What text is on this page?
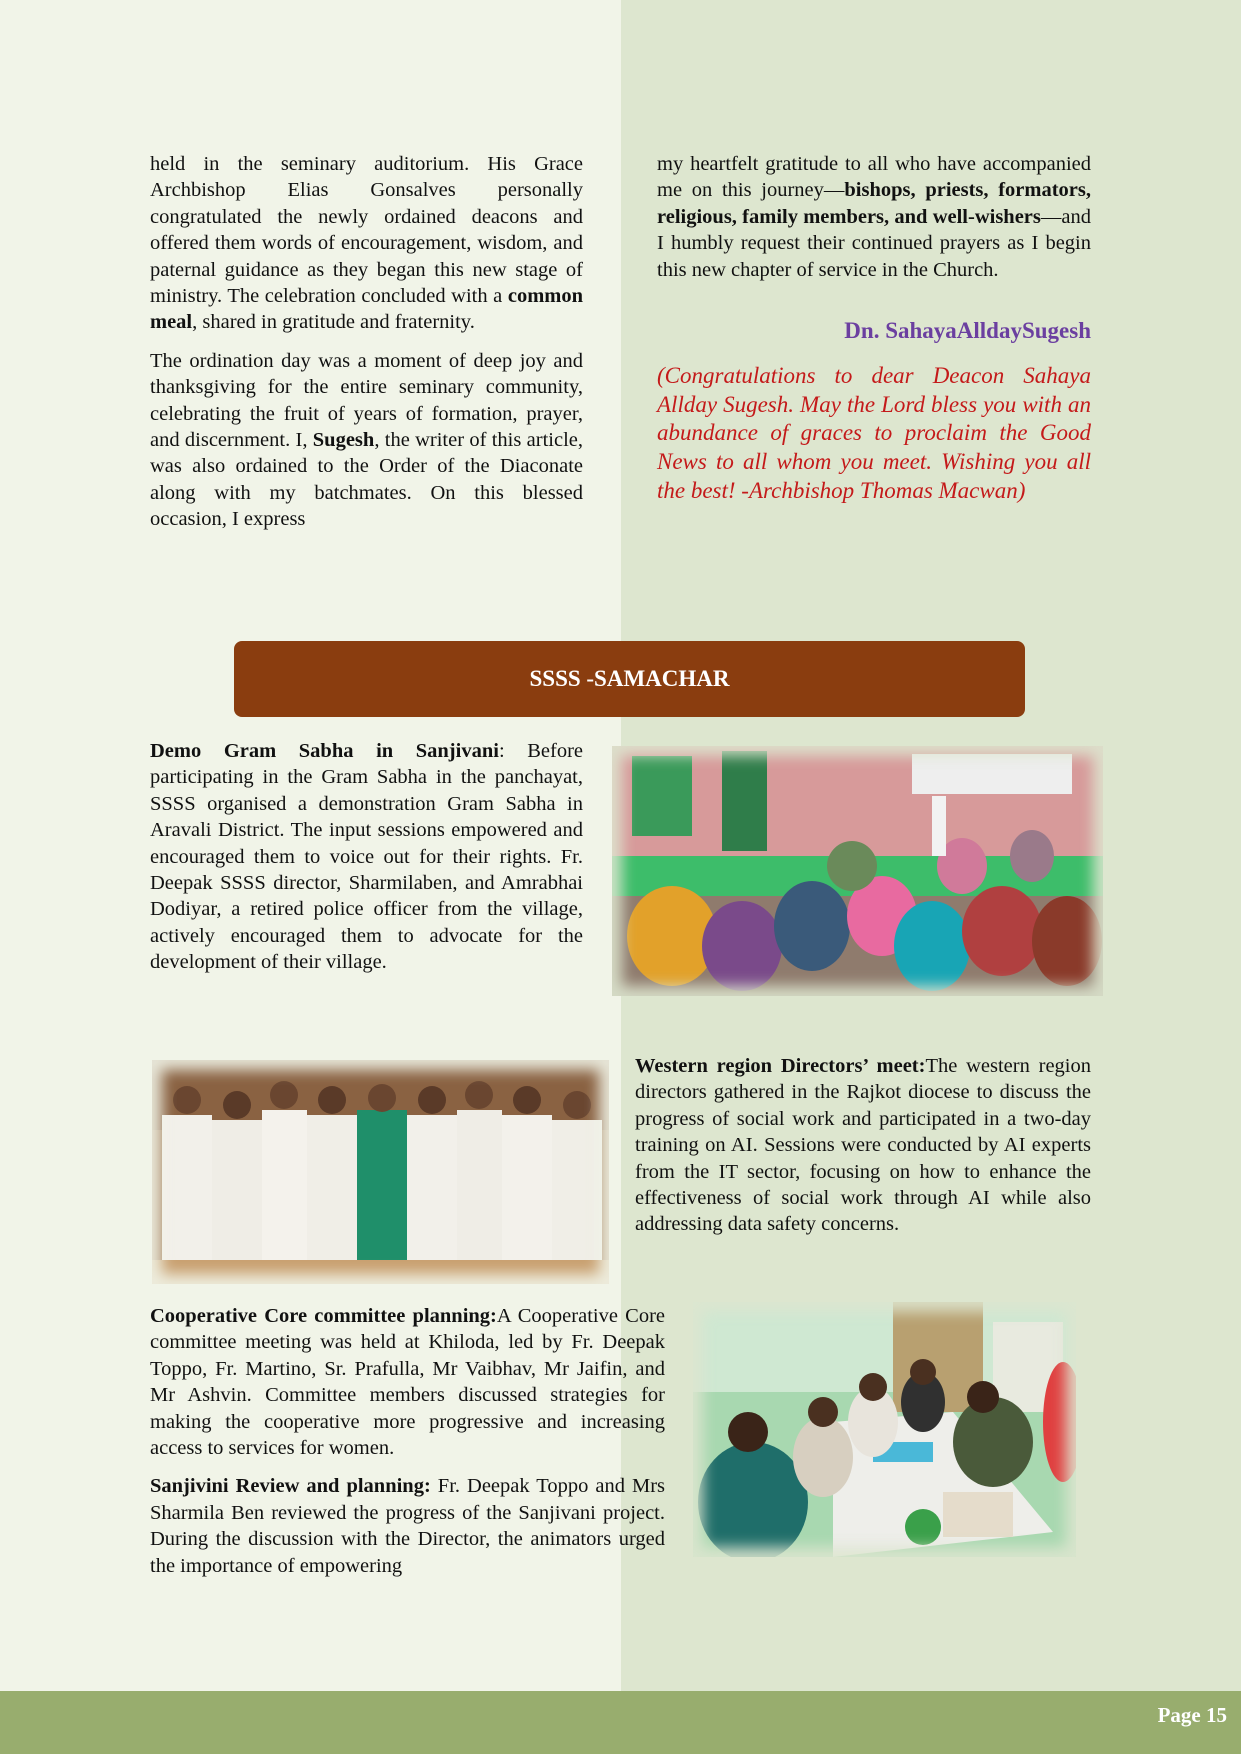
held in the seminary auditorium. His Grace Archbishop Elias Gonsalves personally congratulated the newly ordained deacons and offered them words of encouragement, wisdom, and paternal guidance as they began this new stage of ministry. The celebration concluded with a common meal, shared in gratitude and fraternity.

The ordination day was a moment of deep joy and thanksgiving for the entire seminary community, celebrating the fruit of years of formation, prayer, and discernment. I, Sugesh, the writer of this article, was also ordained to the Order of the Diaconate along with my batchmates. On this blessed occasion, I express

my heartfelt gratitude to all who have accompanied me on this journey—bishops, priests, formators, religious, family members, and well-wishers—and I humbly request their continued prayers as I begin this new chapter of service in the Church.

Dn. SahayaAlldaySugesh
(Congratulations to dear Deacon Sahaya Allday Sugesh. May the Lord bless you with an abundance of graces to proclaim the Good News to all whom you meet. Wishing you all the best! -Archbishop Thomas Macwan)
SSSS -SAMACHAR
Demo Gram Sabha in Sanjivani: Before participating in the Gram Sabha in the panchayat, SSSS organised a demonstration Gram Sabha in Aravali District. The input sessions empowered and encouraged them to voice out for their rights. Fr. Deepak SSSS director, Sharmilaben, and Amrabhai Dodiyar, a retired police officer from the village, actively encouraged them to advocate for the development of their village.
Western region Directors’ meet:The western region directors gathered in the Rajkot diocese to discuss the progress of social work and participated in a two-day training on AI. Sessions were conducted by AI experts from the IT sector, focusing on how to enhance the effectiveness of social work through AI while also addressing data safety concerns.

Cooperative Core committee planning:A Cooperative Core committee meeting was held at Khiloda, led by Fr. Deepak Toppo, Fr. Martino, Sr. Prafulla, Mr Vaibhav, Mr Jaifin, and Mr Ashvin. Committee members discussed strategies for making the cooperative more progressive and increasing access to services for women.

Sanjivini Review and planning: Fr. Deepak Toppo and Mrs Sharmila Ben reviewed the progress of the Sanjivani project. During the discussion with the Director, the animators urged the importance of empowering

Page 15
